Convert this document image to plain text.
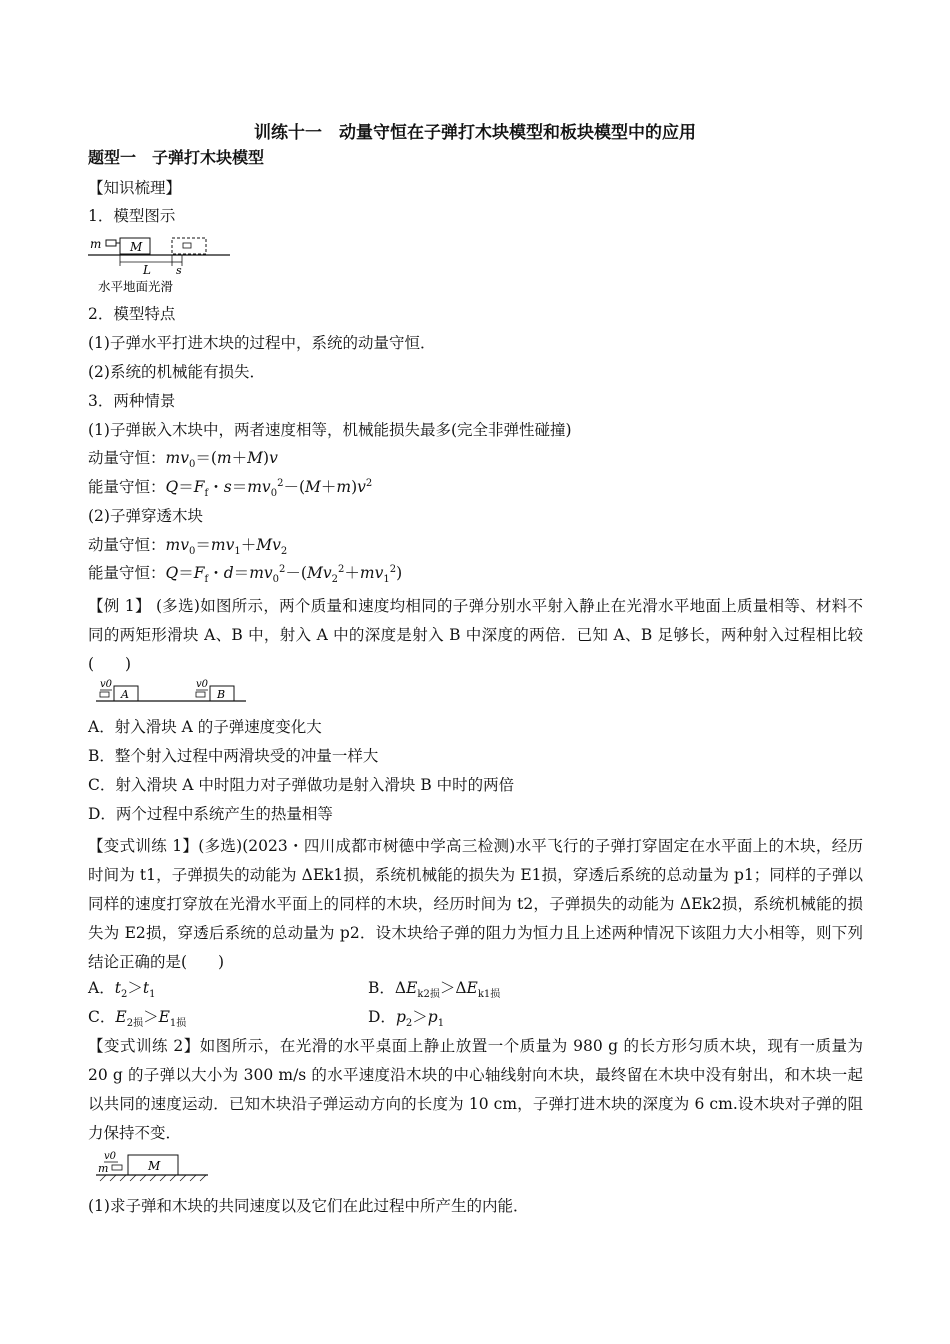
训练十一　动量守恒在子弹打木块模型和板块模型中的应用
题型一　子弹打木块模型
【知识梳理】
1．模型图示
m M
L s
水平地面光滑
2．模型特点
(1)子弹水平打进木块的过程中，系统的动量守恒．
(2)系统的机械能有损失．
3．两种情景
(1)子弹嵌入木块中，两者速度相等，机械能损失最多(完全非弹性碰撞)
动量守恒：$mv_0=(m+M)v$
能量守恒：$Q=F_f$・$s=mv_0^2-(M+m)v^2$
(2)子弹穿透木块
动量守恒：$mv_0=mv_1+Mv_2$
能量守恒：$Q=F_f$・$d=mv_0^2-(Mv_2^2+mv_1^2)$
【例 1】 (多选)如图所示，两个质量和速度均相同的子弹分别水平射入静止在光滑水平地面上质量相等、材料不同的两矩形滑块 A、B 中，射入 A 中的深度是射入 B 中深度的两倍．已知 A、B 足够长，两种射入过程相比较(　　)
v0
A
v0
B
A．射入滑块 A 的子弹速度变化大
B．整个射入过程中两滑块受的冲量一样大
C．射入滑块 A 中时阻力对子弹做功是射入滑块 B 中时的两倍
D．两个过程中系统产生的热量相等
【变式训练 1】(多选)(2023・四川成都市树德中学高三检测)水平飞行的子弹打穿固定在水平面上的木块，经历时间为 t1，子弹损失的动能为 ΔEk1损，系统机械能的损失为 E1损，穿透后系统的总动量为 p1；同样的子弹以同样的速度打穿放在光滑水平面上的同样的木块，经历时间为 t2，子弹损失的动能为 ΔEk2损，系统机械能的损失为 E2损，穿透后系统的总动量为 p2．设木块给子弹的阻力为恒力且上述两种情况下该阻力大小相等，则下列结论正确的是(　　)
A．$t_2>t_1$	B．$\Delta E_{k2损}>\Delta E_{k1损}$
C．$E_{2损}>E_{1损}$	D．$p_2>p_1$
【变式训练 2】如图所示，在光滑的水平桌面上静止放置一个质量为 980 g 的长方形匀质木块，现有一质量为 20 g 的子弹以大小为 300 m/s 的水平速度沿木块的中心轴线射向木块，最终留在木块中没有射出，和木块一起以共同的速度运动．已知木块沿子弹运动方向的长度为 10 cm，子弹打进木块的深度为 6 cm.设木块对子弹的阻力保持不变．
v0
m	M
(1)求子弹和木块的共同速度以及它们在此过程中所产生的内能．
